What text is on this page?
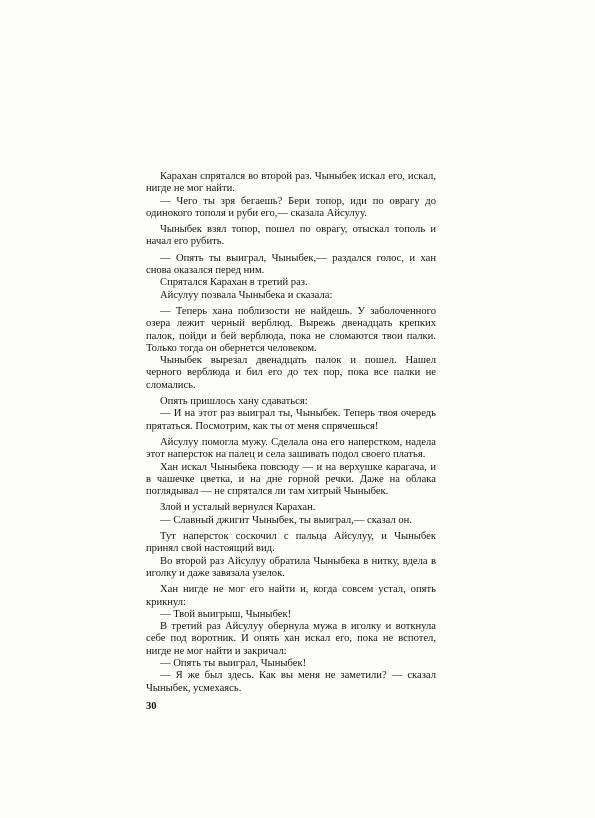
Карахан спрятался во второй раз. Чыныбек искал его, искал, нигде не мог найти.

— Чего ты зря бегаешь? Бери топор, иди по оврагу до одинокого тополя и руби его,— сказала Айсулуу.

Чыныбек взял топор, пошел по оврагу, отыскал тополь и начал его рубить.

— Опять ты выиграл, Чыныбек,— раздался голос, и хан снова оказался перед ним.

Спрятался Карахан в третий раз.

Айсулуу позвала Чыныбека и сказала:

— Теперь хана поблизости не найдешь. У заболоченного озера лежит черный верблюд. Вырежь двенадцать крепких палок, пойди и бей верблюда, пока не сломаются твои палки. Только тогда он обернется человеком.

Чыныбек вырезал двенадцать палок и пошел. Нашел черного верблюда и бил его до тех пор, пока все палки не сломались.

Опять пришлось хану сдаваться:

— И на этот раз выиграл ты, Чыныбек. Теперь твоя очередь прятаться. Посмотрим, как ты от меня спрячешься!

Айсулуу помогла мужу. Сделала она его наперстком, надела этот наперсток на палец и села зашивать подол своего платья.

Хан искал Чыныбека повсюду — и на верхушке карагача, и в чашечке цветка, и на дне горной речки. Даже на облака поглядывал — не спрятался ли там хитрый Чыныбек.

Злой и усталый вернулся Карахан.

— Славный джигит Чыныбек, ты выиграл,— сказал он.

Тут наперсток соскочил с пальца Айсулуу, и Чыныбек принял свой настоящий вид.

Во второй раз Айсулуу обратила Чыныбека в нитку, вдела в иголку и даже завязала узелок.

Хан нигде не мог его найти и, когда совсем устал, опять крикнул:

— Твой выигрыш, Чыныбек!

В третий раз Айсулуу обернула мужа в иголку и воткнула себе под воротник. И опять хан искал его, пока не вспотел, нигде не мог найти и закричал:

— Опять ты выиграл, Чыныбек!

— Я же был здесь. Как вы меня не заметили? — сказал Чыныбек, усмехаясь.

30
